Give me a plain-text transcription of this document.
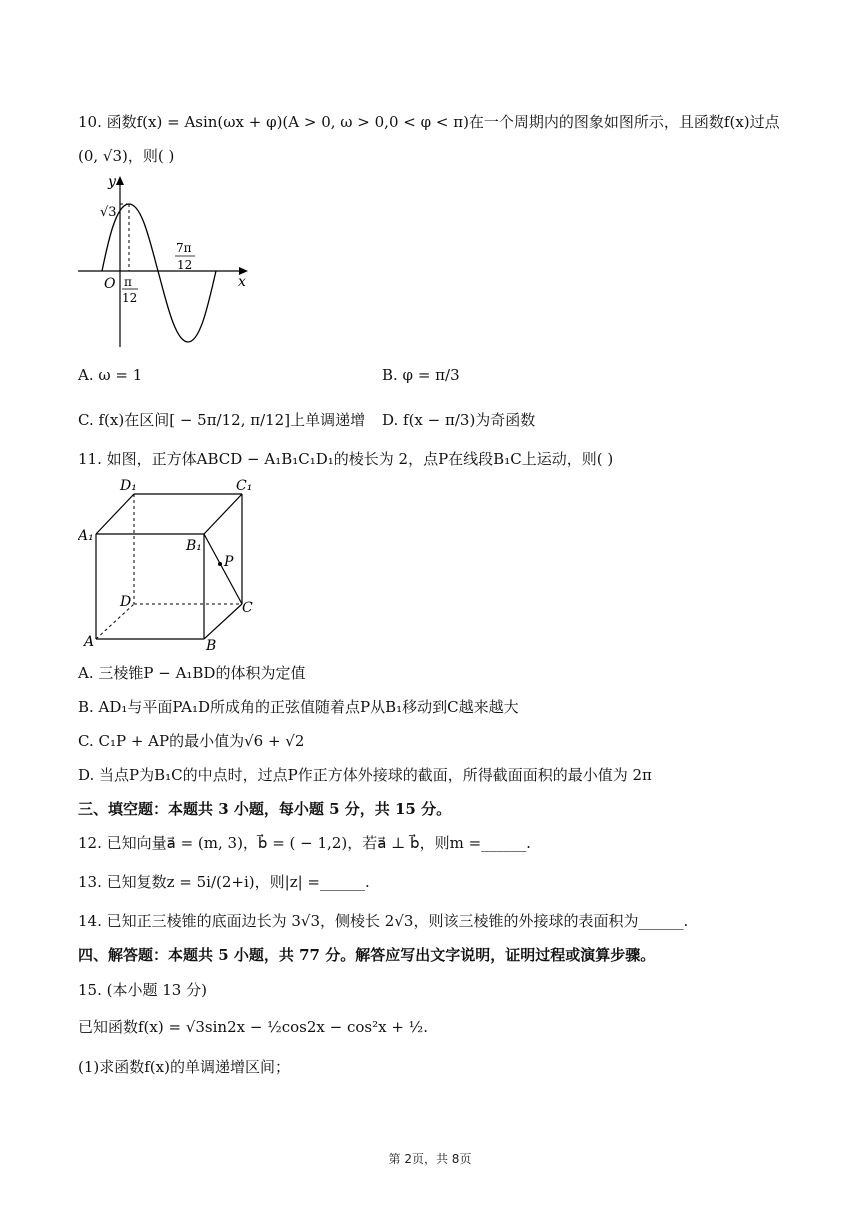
10. 函数f(x) = Asin(ωx + φ)(A > 0, ω > 0,0 < φ < π)在一个周期内的图象如图所示，且函数f(x)过点
(0, √3)，则( )
y
x
O
√3
π
12
7π
12
A. ω = 1	B. φ = π/3
C. f(x)在区间[ − 5π/12, π/12]上单调递增 D. f(x − π/3)为奇函数
11. 如图，正方体ABCD − A₁B₁C₁D₁的棱长为 2，点P在线段B₁C上运动，则( )
D₁	C₁
A₁
B₁
P
D	C
A	B
A. 三棱锥P − A₁BD的体积为定值
B. AD₁与平面PA₁D所成角的正弦值随着点P从B₁移动到C越来越大
C. C₁P + AP的最小值为√6 + √2
D. 当点P为B₁C的中点时，过点P作正方体外接球的截面，所得截面面积的最小值为 2π
三、填空题：本题共 3 小题，每小题 5 分，共 15 分。
12. 已知向量a⃗ = (m, 3)，b⃗ = ( − 1,2)，若a⃗ ⊥ b⃗，则m =______.
13. 已知复数z = 5i/(2+i)，则|z| =______.
14. 已知正三棱锥的底面边长为 3√3，侧棱长 2√3，则该三棱锥的外接球的表面积为______.
四、解答题：本题共 5 小题，共 77 分。解答应写出文字说明，证明过程或演算步骤。
15. (本小题 13 分)
已知函数f(x) = √3sin2x − ½cos2x − cos²x + ½.
(1)求函数f(x)的单调递增区间；
第 2页，共 8页
